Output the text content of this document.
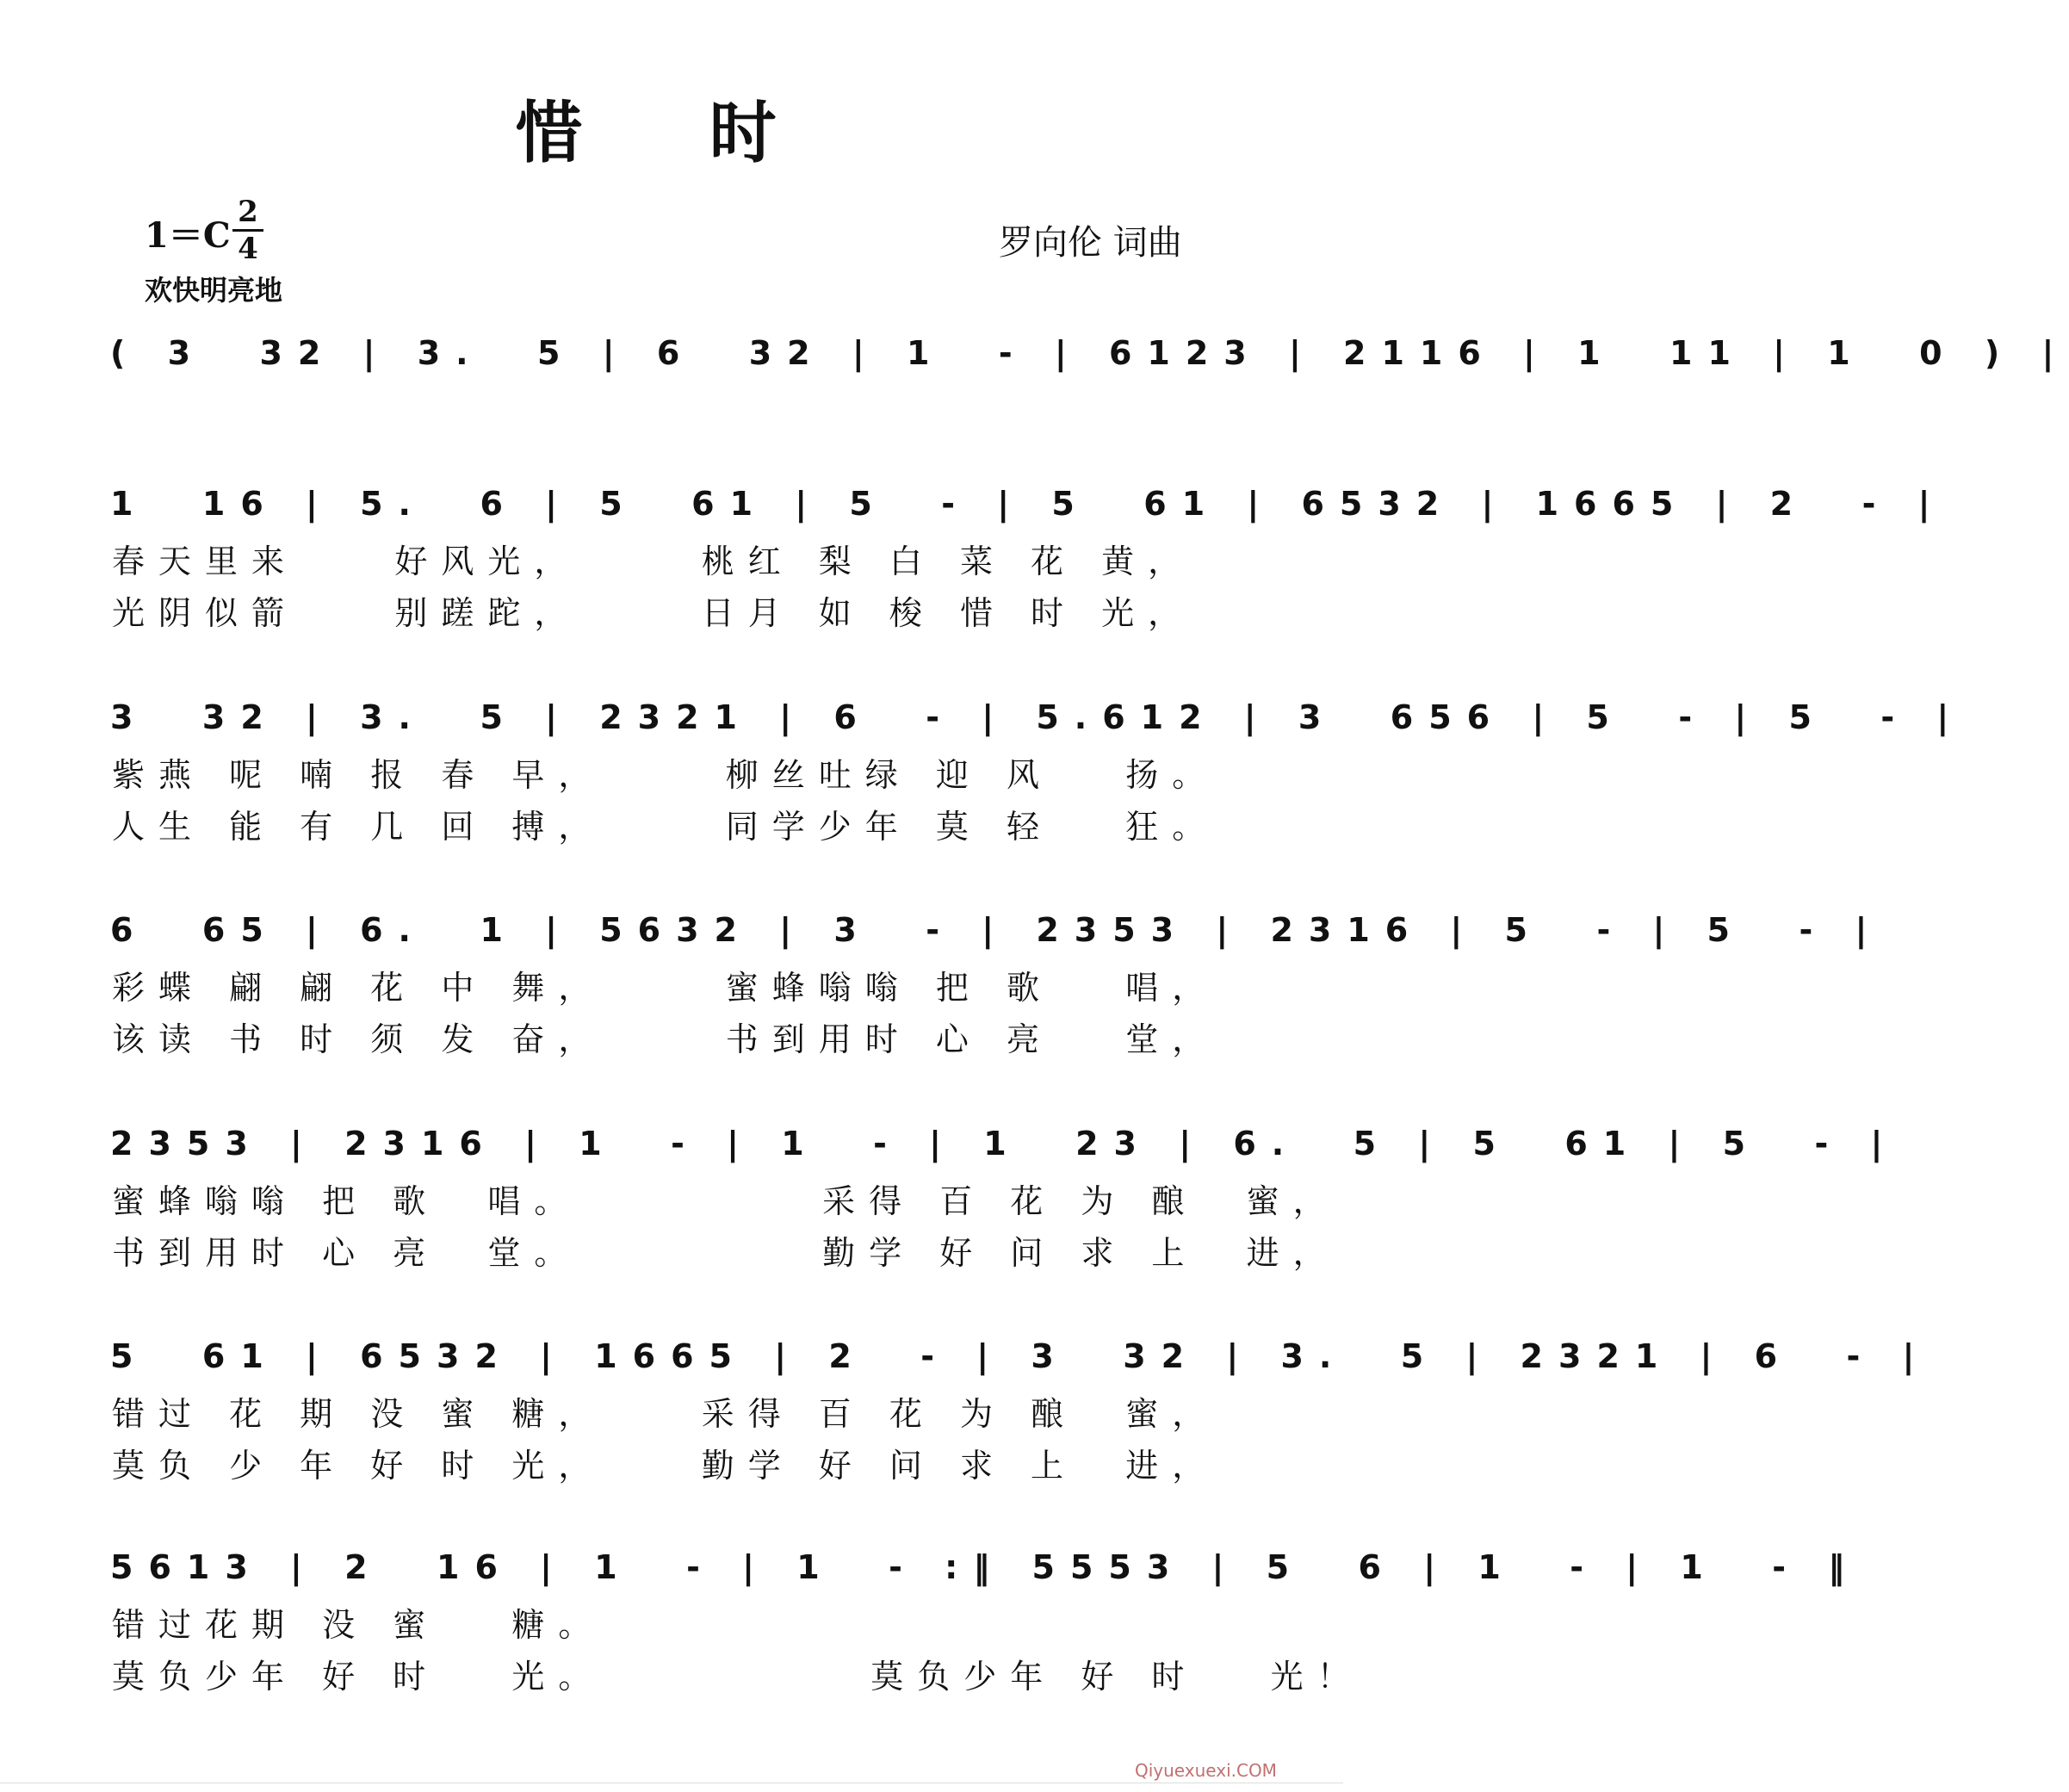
惜 时
1＝C
2
4
欢快明亮地
罗向伦 词曲
( 3  32 | 3.  5 | 6  32 | 1  - | 6123 | 2116 | 1  11 | 1  0 ) |
1  16 | 5.  6 | 5  61 | 5  - | 5  61 | 6532 | 1665 | 2  - |
春天里来    好风光，     桃红 梨 白 菜 花 黄，
光阴似箭    别蹉跎，     日月 如 梭 惜 时 光，
3  32 | 3.  5 | 2321 | 6  - | 5.612 | 3  656 | 5  - | 5  - |
紫燕 呢 喃 报 春 早，     柳丝吐绿 迎 风   扬。
人生 能 有 几 回 搏，     同学少年 莫 轻   狂。
6  65 | 6.  1 | 5632 | 3  - | 2353 | 2316 | 5  - | 5  - |
彩蝶 翩 翩 花 中 舞，     蜜蜂嗡嗡 把 歌   唱，
该读 书 时 须 发 奋，     书到用时 心 亮   堂，
2353 | 2316 | 1  - | 1  - | 1  23 | 6.  5 | 5  61 | 5  - |
蜜蜂嗡嗡 把 歌  唱。          采得 百 花 为 酿  蜜，
书到用时 心 亮  堂。          勤学 好 问 求 上  进，
5  61 | 6532 | 1665 | 2  - | 3  32 | 3.  5 | 2321 | 6  - |
错过 花 期 没 蜜 糖，    采得 百 花 为 酿  蜜，
莫负 少 年 好 时 光，    勤学 好 问 求 上  进，
5613 | 2  16 | 1  - | 1  - :‖ 5553 | 5  6 | 1  - | 1  - ‖
错过花期 没 蜜   糖。
莫负少年 好 时   光。           莫负少年 好 时   光！
Qiyuexuexi.COM
